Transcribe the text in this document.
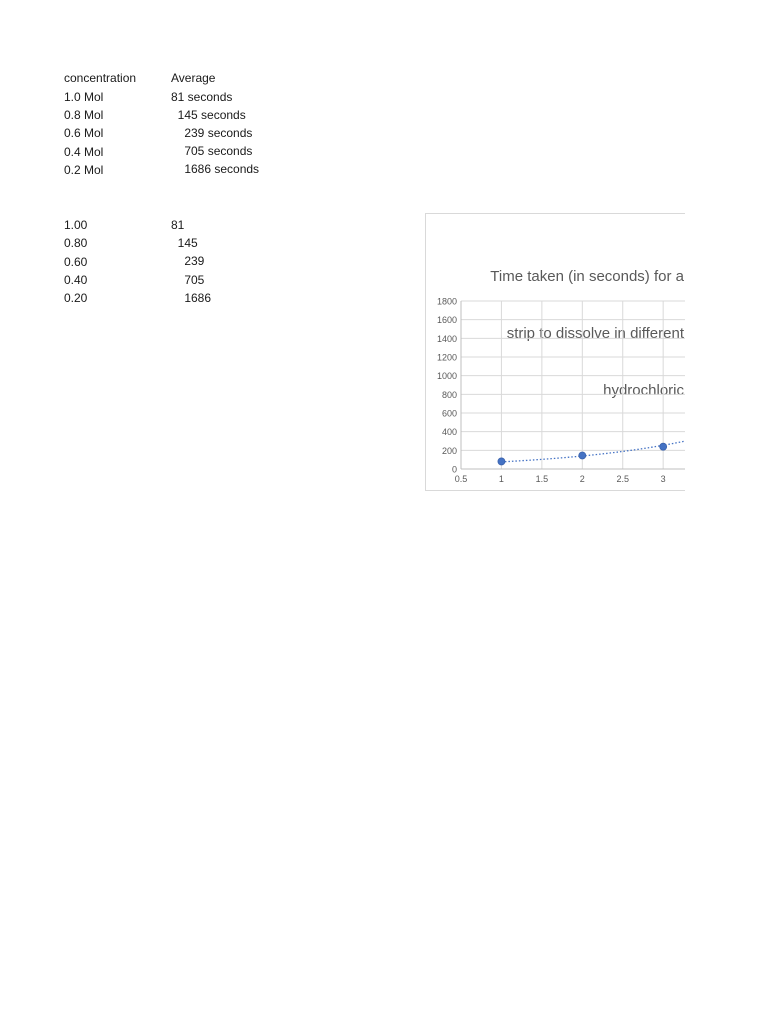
concentration	Average
1.0 Mol	81 seconds
0.8 Mol	145 seconds
0.6 Mol	239 seconds
0.4 Mol	705 seconds
0.2 Mol	1686 seconds
1.00	81
0.80	145
0.60	239
0.40	705
0.20	1686

Time taken (in seconds) for a

strip to dissolve in different

hydrochloric

0
200
400
600
800
1000
1200
1400
1600
1800
0.5	1	1.5	2	2.5	3
